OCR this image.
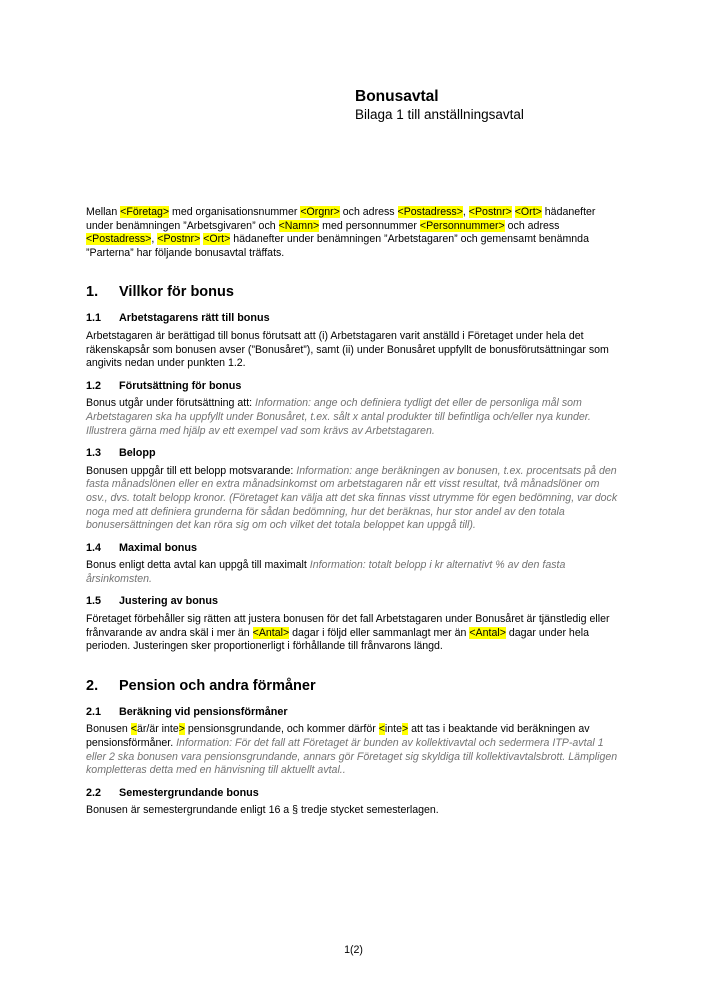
Bonusavtal
Bilaga 1 till anställningsavtal

Mellan <Företag> med organisationsnummer <Orgnr> och adress <Postadress>, <Postnr> <Ort> hädanefter under benämningen ”Arbetsgivaren” och <Namn> med personnummer <Personnummer> och adress <Postadress>, <Postnr> <Ort> hädanefter under benämningen ”Arbetstagaren” och gemensamt benämnda ”Parterna” har följande bonusavtal träffats.

1.	Villkor för bonus
1.1	Arbetstagarens rätt till bonus

Arbetstagaren är berättigad till bonus förutsatt att (i) Arbetstagaren varit anställd i Företaget under hela det räkenskapsår som bonusen avser (”Bonusåret”), samt (ii) under Bonusåret uppfyllt de bonusförutsättningar som angivits nedan under punkten 1.2.

1.2	Förutsättning för bonus

Bonus utgår under förutsättning att: Information: ange och definiera tydligt det eller de personliga mål som Arbetstagaren ska ha uppfyllt under Bonusåret, t.ex. sålt x antal produkter till befintliga och/eller nya kunder. Illustrera gärna med hjälp av ett exempel vad som krävs av Arbetstagaren.

1.3	Belopp

Bonusen uppgår till ett belopp motsvarande: Information: ange beräkningen av bonusen, t.ex. procentsats på den fasta månadslönen eller en extra månadsinkomst om arbetstagaren når ett visst resultat, två månadslöner om osv., dvs. totalt belopp kronor. (Företaget kan välja att det ska finnas visst utrymme för egen bedömning, var dock noga med att definiera grunderna för sådan bedömning, hur det beräknas, hur stor andel av den totala bonusersättningen det kan röra sig om och vilket det totala beloppet kan uppgå till).

1.4	Maximal bonus

Bonus enligt detta avtal kan uppgå till maximalt Information: totalt belopp i kr alternativt % av den fasta årsinkomsten.

1.5	Justering av bonus

Företaget förbehåller sig rätten att justera bonusen för det fall Arbetstagaren under Bonusåret är tjänstledig eller frånvarande av andra skäl i mer än <Antal> dagar i följd eller sammanlagt mer än <Antal> dagar under hela perioden. Justeringen sker proportionerligt i förhållande till frånvarons längd.

2.	Pension och andra förmåner
2.1	Beräkning vid pensionsförmåner

Bonusen <är/är inte> pensionsgrundande, och kommer därför <inte> att tas i beaktande vid beräkningen av pensionsförmåner. Information: För det fall att Företaget är bunden av kollektivavtal och sedermera ITP-avtal 1 eller 2 ska bonusen vara pensionsgrundande, annars gör Företaget sig skyldiga till kollektivavtalsbrott. Lämpligen kompletteras detta med en hänvisning till aktuellt avtal..

2.2	Semestergrundande bonus

Bonusen är semestergrundande enligt 16 a § tredje stycket semesterlagen.

1(2)
